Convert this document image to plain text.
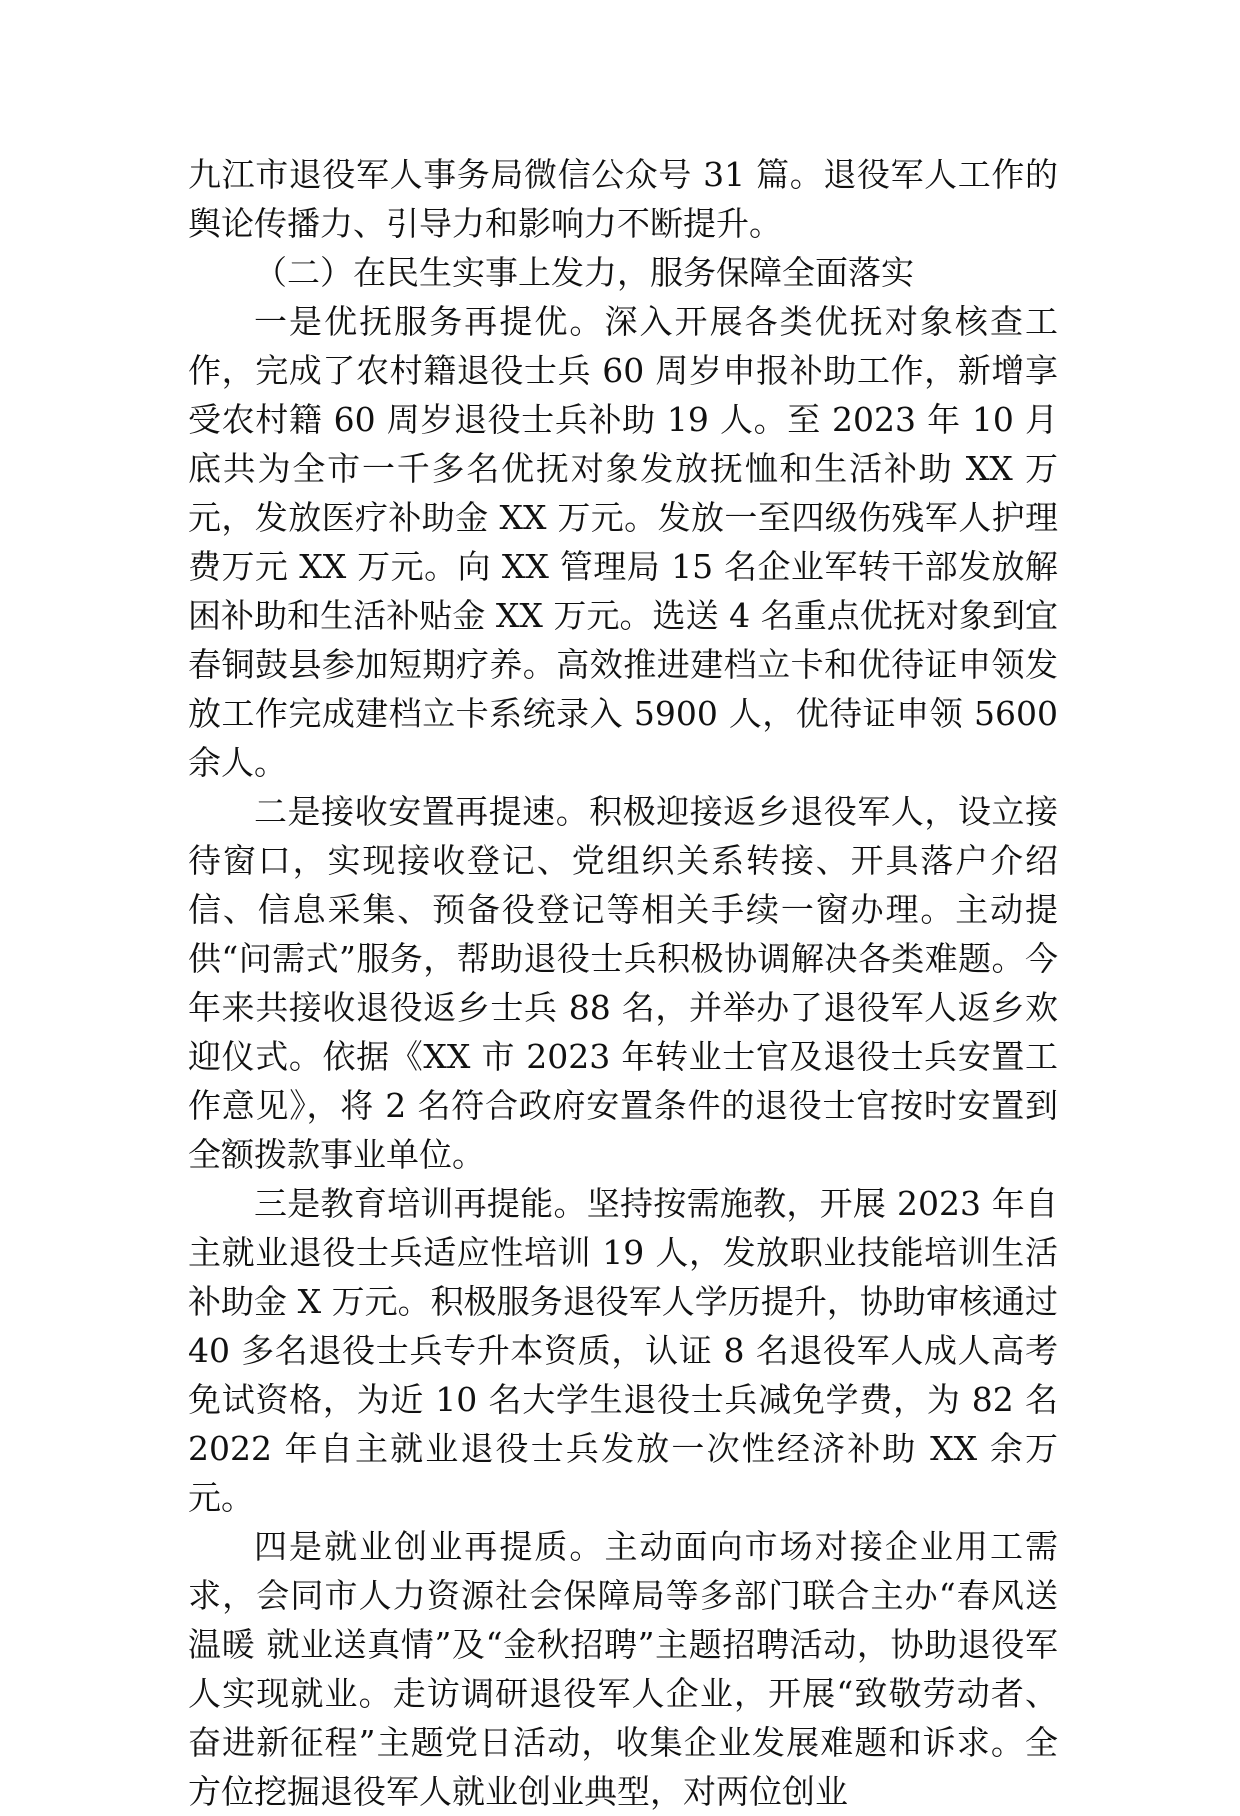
九江市退役军人事务局微信公众号 31 篇。退役军人工作的舆论传播力、引导力和影响力不断提升。

（二）在民生实事上发力，服务保障全面落实

一是优抚服务再提优。深入开展各类优抚对象核查工作，完成了农村籍退役士兵 60 周岁申报补助工作，新增享受农村籍 60 周岁退役士兵补助 19 人。至 2023 年 10 月底共为全市一千多名优抚对象发放抚恤和生活补助 XX 万元，发放医疗补助金 XX 万元。发放一至四级伤残军人护理费万元 XX 万元。向 XX 管理局 15 名企业军转干部发放解困补助和生活补贴金 XX 万元。选送 4 名重点优抚对象到宜春铜鼓县参加短期疗养。高效推进建档立卡和优待证申领发放工作完成建档立卡系统录入 5900 人，优待证申领 5600 余人。

二是接收安置再提速。积极迎接返乡退役军人，设立接待窗口，实现接收登记、党组织关系转接、开具落户介绍信、信息采集、预备役登记等相关手续一窗办理。主动提供“问需式”服务，帮助退役士兵积极协调解决各类难题。今年来共接收退役返乡士兵 88 名，并举办了退役军人返乡欢迎仪式。依据《XX 市 2023 年转业士官及退役士兵安置工作意见》，将 2 名符合政府安置条件的退役士官按时安置到全额拨款事业单位。

三是教育培训再提能。坚持按需施教，开展 2023 年自主就业退役士兵适应性培训 19 人，发放职业技能培训生活补助金 X 万元。积极服务退役军人学历提升，协助审核通过 40 多名退役士兵专升本资质，认证 8 名退役军人成人高考免试资格，为近 10 名大学生退役士兵减免学费，为 82 名 2022 年自主就业退役士兵发放一次性经济补助 XX 余万元。

四是就业创业再提质。主动面向市场对接企业用工需求，会同市人力资源社会保障局等多部门联合主办“春风送温暖 就业送真情”及“金秋招聘”主题招聘活动，协助退役军人实现就业。走访调研退役军人企业，开展“致敬劳动者、奋进新征程”主题党日活动，收集企业发展难题和诉求。全方位挖掘退役军人就业创业典型，对两位创业
